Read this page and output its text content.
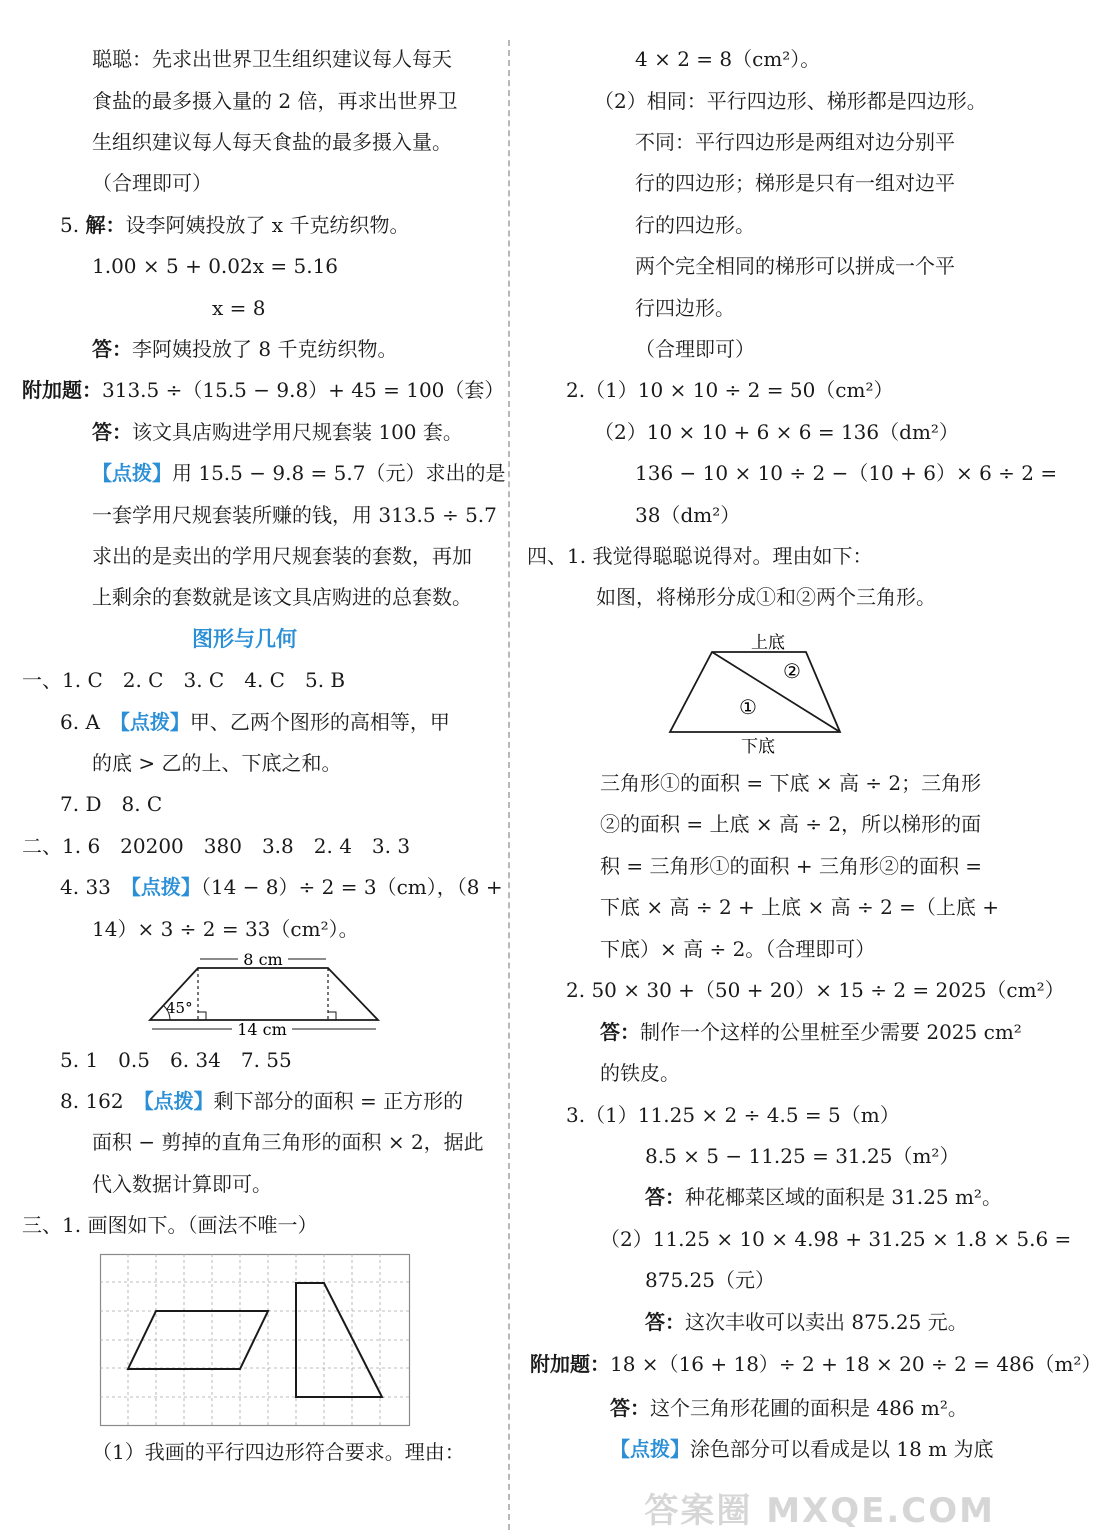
聪聪：先求出世界卫生组织建议每人每天
食盐的最多摄入量的 2 倍，再求出世界卫
生组织建议每人每天食盐的最多摄入量。
（合理即可）
5. 解：设李阿姨投放了 x 千克纺织物。
1.00 × 5 + 0.02x = 5.16
x = 8
答：李阿姨投放了 8 千克纺织物。
附加题：313.5 ÷（15.5 − 9.8）+ 45 = 100（套）
答：该文具店购进学用尺规套装 100 套。
【点拨】用 15.5 − 9.8 = 5.7（元）求出的是
一套学用尺规套装所赚的钱，用 313.5 ÷ 5.7
求出的是卖出的学用尺规套装的套数，再加
上剩余的套数就是该文具店购进的总套数。
图形与几何
一、1. C　2. C　3. C　4. C　5. B
6. A　【点拨】甲、乙两个图形的高相等，甲
的底 > 乙的上、下底之和。
7. D　8. C
二、1. 6　20200　380　3.8　2. 4　3. 3
4. 33　【点拨】（14 − 8）÷ 2 = 3（cm），（8 +
14）× 3 ÷ 2 = 33（cm²）。
8 cm
45°
14 cm
5. 1　0.5　6. 34　7. 55
8. 162　【点拨】剩下部分的面积 = 正方形的
面积 − 剪掉的直角三角形的面积 × 2，据此
代入数据计算即可。
三、1. 画图如下。（画法不唯一）
（1）我画的平行四边形符合要求。理由：
4 × 2 = 8（cm²）。
（2）相同：平行四边形、梯形都是四边形。
不同：平行四边形是两组对边分别平
行的四边形；梯形是只有一组对边平
行的四边形。
两个完全相同的梯形可以拼成一个平
行四边形。
（合理即可）
2.（1）10 × 10 ÷ 2 = 50（cm²）
（2）10 × 10 + 6 × 6 = 136（dm²）
136 − 10 × 10 ÷ 2 −（10 + 6）× 6 ÷ 2 =
38（dm²）
四、1. 我觉得聪聪说得对。理由如下：
如图，将梯形分成①和②两个三角形。
上底
②
①
下底
三角形①的面积 = 下底 × 高 ÷ 2；三角形
②的面积 = 上底 × 高 ÷ 2，所以梯形的面
积 = 三角形①的面积 + 三角形②的面积 =
下底 × 高 ÷ 2 + 上底 × 高 ÷ 2 =（上底 +
下底）× 高 ÷ 2。（合理即可）
2. 50 × 30 +（50 + 20）× 15 ÷ 2 = 2025（cm²）
答：制作一个这样的公里桩至少需要 2025 cm²
的铁皮。
3.（1）11.25 × 2 ÷ 4.5 = 5（m）
8.5 × 5 − 11.25 = 31.25（m²）
答：种花椰菜区域的面积是 31.25 m²。
（2）11.25 × 10 × 4.98 + 31.25 × 1.8 × 5.6 =
875.25（元）
答：这次丰收可以卖出 875.25 元。
附加题：18 ×（16 + 18）÷ 2 + 18 × 20 ÷ 2 = 486（m²）
答：这个三角形花圃的面积是 486 m²。
【点拨】涂色部分可以看成是以 18 m 为底
答案圈 MXQE.COM
